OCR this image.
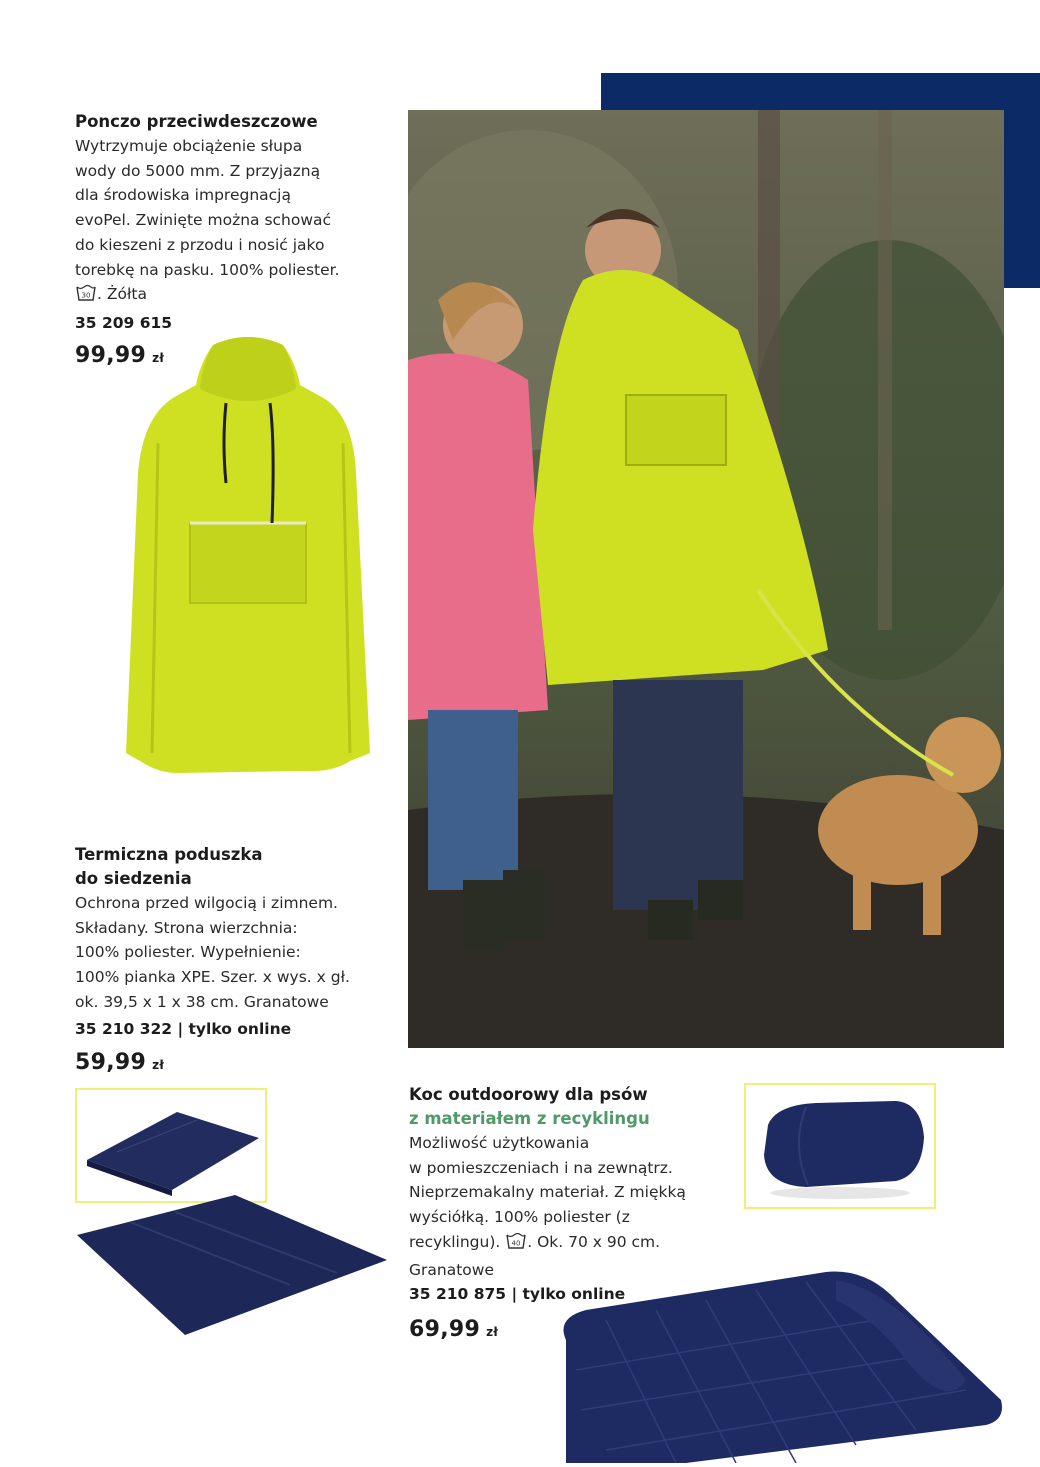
Ponczo przeciwdeszczowe
Wytrzymuje obciążenie słupa
wody do 5000 mm. Z przyjazną
dla środowiska impregnacją
evoPel. Zwinięte można schować
do kieszeni z przodu i nosić jako
torebkę na pasku. 100% poliester.
30 . Żółta
35 209 615
99,99 zł
Termiczna poduszka
do siedzenia
Ochrona przed wilgocią i zimnem.
Składany. Strona wierzchnia:
100% poliester. Wypełnienie:
100% pianka XPE. Szer. x wys. x gł.
ok. 39,5 x 1 x 38 cm. Granatowe
35 210 322 | tylko online
59,99 zł
Koc outdoorowy dla psów
z materiałem z recyklingu
Możliwość użytkowania
w pomieszczeniach i na zewnątrz.
Nieprzemakalny materiał. Z miękką
wyściółką. 100% poliester (z
recyklingu). 40 . Ok. 70 x 90 cm.
Granatowe
35 210 875 | tylko online
69,99 zł
